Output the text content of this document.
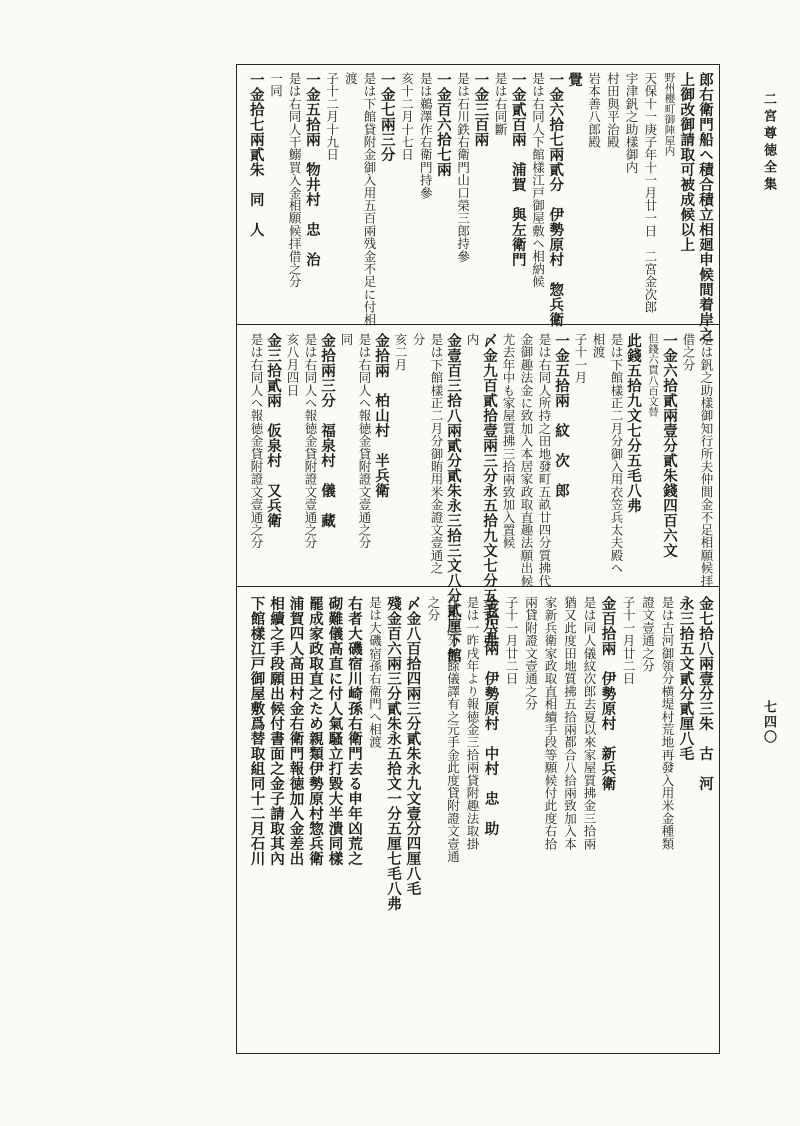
二宮尊徳全集
七四〇
郎右衛門船ヘ積合積立相廻申候間着岸之
上御改御請取可被成候以上
野州櫻町御陣屋内
天保十一庚子年十一月廿一日　二宮金次郎
宇津釩之助樣御内
村田與平治殿
岩本善八郎殿
覺
一金六拾七兩貳分　伊勢原村　惣兵衛
是は右同人下館樣江戸御屋敷ヘ相納候
一金貳百兩　浦賀　與左衛門
是は右同斷
一金三百兩
是は石川鉄右衛門山口榮三郎持參
一金百六拾七兩
是は鵜澤作右衛門持參
亥十二月十七日
一金七兩三分
是は下館貸附金御入用五百兩残金不足に付相
渡
子十二月十九日
一金五拾兩　物井村　忠　治
是は右同人干鰯買入金相願候拝借之分
一同
一金拾七兩貳朱　同　人
是は釩之助樣御知行所夫仲間金不足相願候拝
借之分
一金六拾貳兩壹分貳朱錢四百六文
但錢六貫八百文替
此錢五拾九文七分五毛八弗
是は下館樣正二月分御入用衣笠兵太夫殿へ
相渡
子十一月
一金五拾兩　紋　次　郎
是は右同人所持之田地發町五畝廿四分質拂代
金御趣法金に致加入本居家政取直趣法願出候
尤去年中も家屋質拂三拾兩致加入置候
〆金九百貳拾壹兩三分永五拾九文七分五毛八弗
内
金壹百三拾八兩貳分貳朱永三拾三文八分貳厘下館
是は下館樣正二月分御賄用米金證文壹通之
分
亥二月
金拾兩　柏山村　半兵衛
是は右同人ヘ報徳金貸附證文壹通之分
同
金拾兩三分　福泉村　儀　藏
是は右同人ヘ報徳金貸附證文壹通之分
亥八月四日
金三拾貳兩　仮泉村　又兵衛
是は右同人ヘ報徳金貸附證文壹通之分
金七拾八兩壹分三朱　古　河
永三拾五文貳分貳厘八毛
是は古河御領分横堤村荒地再發入用米金種類
證文壹通之分
子十一月廿二日
金百拾兩　伊勢原村　新兵衛
是は同人儀紋次郎去夏以來家屋質拂金三拾兩
猶又此度田地質拂五拾兩都合八拾兩致加入本
家新兵衛家政取直相續手段等願候付此度右拾
兩貸附證文壹通之分
子十一月廿二日
金拾五兩　伊勢原村　中村　忠　助
是は一昨戌年より報徳金三拾兩貸附趣法取掛
仕掛之分無餘儀譯有之元手金此度貸附證文壹通
之分
〆金八百拾四兩三分貳朱永九文壹分四厘八毛
殘金百六兩三分貳朱永五拾文一分五厘七毛八弗
是は大磯宿孫右衛門ヘ相渡
右者大磯宿川崎孫右衛門去る申年凶荒之
砌難儀高直に付人氣騷立打毀大半潰同樣
罷成家政取直之ため親類伊勢原村惣兵衛
浦賀四人高田村金右衛門報徳加入金差出
相續之手段願出候付書面之金子請取其內
下館樣江戸御屋敷爲替取組同十二月石川
